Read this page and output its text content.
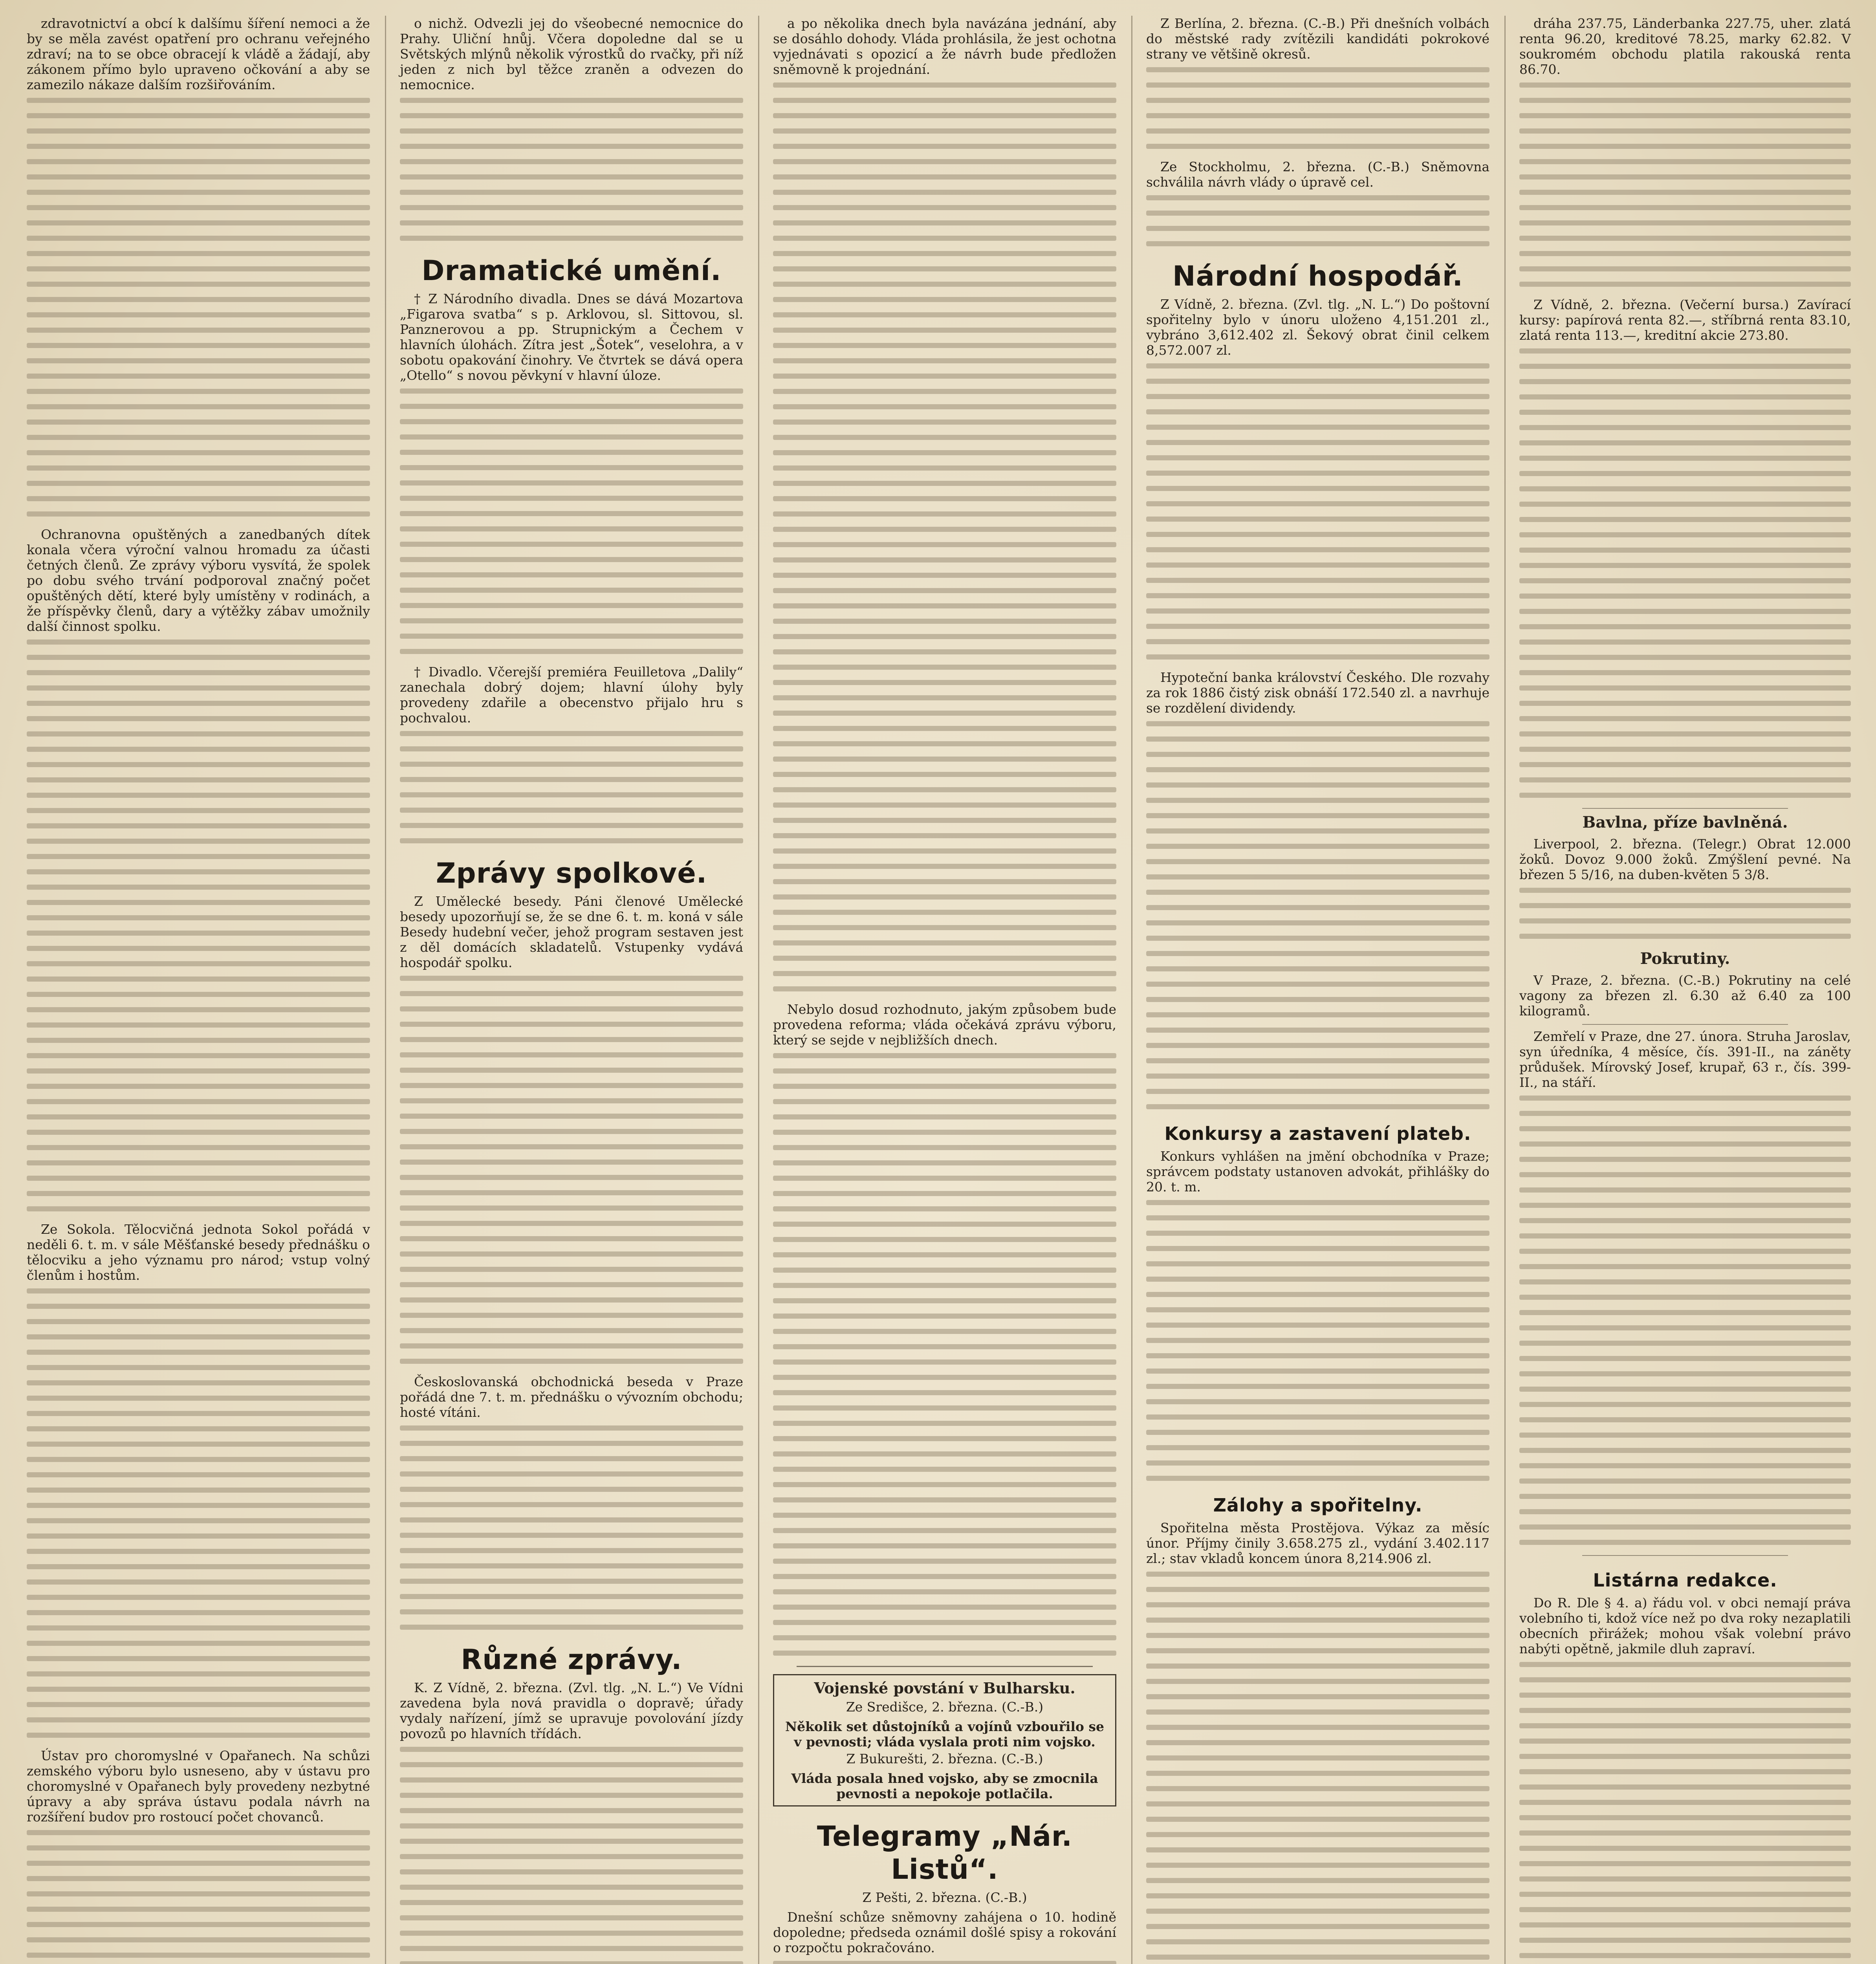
zdravotnictví a obcí k dalšímu šíření nemoci a že by se měla zavést opatření pro ochranu veřejného zdraví; na to se obce obracejí k vládě a žádají, aby zákonem přímo bylo upraveno očkování a aby se zamezilo nákaze dalším rozšiřováním.

Ochranovna opuštěných a zanedbaných dítek konala včera výroční valnou hromadu za účasti četných členů. Ze zprávy výboru vysvítá, že spolek po dobu svého trvání podporoval značný počet opuštěných dětí, které byly umístěny v rodinách, a že příspěvky členů, dary a výtěžky zábav umožnily další činnost spolku.

Ze Sokola. Tělocvičná jednota Sokol pořádá v neděli 6. t. m. v sále Měšťanské besedy přednášku o tělocviku a jeho významu pro národ; vstup volný členům i hostům.

Ústav pro choromyslné v Opařanech. Na schůzi zemského výboru bylo usneseno, aby v ústavu pro choromyslné v Opařanech byly provedeny nezbytné úpravy a aby správa ústavu podala návrh na rozšíření budov pro rostoucí počet chovanců.

o nichž. Odvezli jej do všeobecné nemocnice do Prahy. Uliční hnůj. Včera dopoledne dal se u Světských mlýnů několik výrostků do rvačky, při níž jeden z nich byl těžce zraněn a odvezen do nemocnice.

Dramatické umění.

† Z Národního divadla. Dnes se dává Mozartova „Figarova svatba“ s p. Arklovou, sl. Sittovou, sl. Panznerovou a pp. Strupnickým a Čechem v hlavních úlohách. Zítra jest „Šotek“, veselohra, a v sobotu opakování činohry. Ve čtvrtek se dává opera „Otello“ s novou pěvkyní v hlavní úloze.

† Divadlo. Včerejší premiéra Feuilletova „Dalily“ zanechala dobrý dojem; hlavní úlohy byly provedeny zdařile a obecenstvo přijalo hru s pochvalou.

Zprávy spolkové.

Z Umělecké besedy. Páni členové Umělecké besedy upozorňují se, že se dne 6. t. m. koná v sále Besedy hudební večer, jehož program sestaven jest z děl domácích skladatelů. Vstupenky vydává hospodář spolku.

Českoslovanská obchodnická beseda v Praze pořádá dne 7. t. m. přednášku o vývozním obchodu; hosté vítáni.

Různé zprávy.

K. Z Vídně, 2. března. (Zvl. tlg. „N. L.“) Ve Vídni zavedena byla nová pravidla o dopravě; úřady vydaly nařízení, jímž se upravuje povolování jízdy povozů po hlavních třídách.

a po několika dnech byla navázána jednání, aby se dosáhlo dohody. Vláda prohlásila, že jest ochotna vyjednávati s opozicí a že návrh bude předložen sněmovně k projednání.

Nebylo dosud rozhodnuto, jakým způsobem bude provedena reforma; vláda očekává zprávu výboru, který se sejde v nejbližších dnech.

Vojenské povstání v Bulharsku.
Ze Središce, 2. března. (C.-B.)

Několik set důstojníků a vojínů vzbouřilo se v pevnosti; vláda vyslala proti nim vojsko.

Z Bukurešti, 2. března. (C.-B.)

Vláda posala hned vojsko, aby se zmocnila pevnosti a nepokoje potlačila.

Telegramy „Nár. Listů“.
Z Pešti, 2. března. (C.-B.)

Dnešní schůze sněmovny zahájena o 10. hodině dopoledne; předseda oznámil došlé spisy a rokování o rozpočtu pokračováno.

Z Berlína, 2. března. (C.-B.) Při dnešních volbách do městské rady zvítězili kandidáti pokrokové strany ve většině okresů.

Ze Stockholmu, 2. března. (C.-B.) Sněmovna schválila návrh vlády o úpravě cel.

Národní hospodář.

Z Vídně, 2. března. (Zvl. tlg. „N. L.“) Do poštovní spořitelny bylo v únoru uloženo 4,151.201 zl., vybráno 3,612.402 zl. Šekový obrat činil celkem 8,572.007 zl.

Hypoteční banka království Českého. Dle rozvahy za rok 1886 čistý zisk obnáší 172.540 zl. a navrhuje se rozdělení dividendy.

Konkursy a zastavení plateb.

Konkurs vyhlášen na jmění obchodníka v Praze; správcem podstaty ustanoven advokát, přihlášky do 20. t. m.

Zálohy a spořitelny.

Spořitelna města Prostějova. Výkaz za měsíc únor. Příjmy činily 3.658.275 zl., vydání 3.402.117 zl.; stav vkladů koncem února 8,214.906 zl.

dráha 237.75, Länderbanka 227.75, uher. zlatá renta 96.20, kreditové 78.25, marky 62.82. V soukromém obchodu platila rakouská renta 86.70.

Z Vídně, 2. března. (Večerní bursa.) Zavírací kursy: papírová renta 82.—, stříbrná renta 83.10, zlatá renta 113.—, kreditní akcie 273.80.

Bavlna, příze bavlněná.

Liverpool, 2. března. (Telegr.) Obrat 12.000 žoků. Dovoz 9.000 žoků. Zmýšlení pevné. Na březen 5 5/16, na duben-květen 5 3/8.

Pokrutiny.

V Praze, 2. března. (C.-B.) Pokrutiny na celé vagony za březen zl. 6.30 až 6.40 za 100 kilogramů.

Zemřelí v Praze, dne 27. února. Struha Jaroslav, syn úředníka, 4 měsíce, čís. 391-II., na záněty průdušek. Mírovský Josef, krupař, 63 r., čís. 399-II., na stáří.

Listárna redakce.

Do R. Dle § 4. a) řádu vol. v obci nemají práva volebního ti, kdož více než po dva roky nezaplatili obecních přirážek; mohou však volební právo nabýti opětně, jakmile dluh zapraví.
